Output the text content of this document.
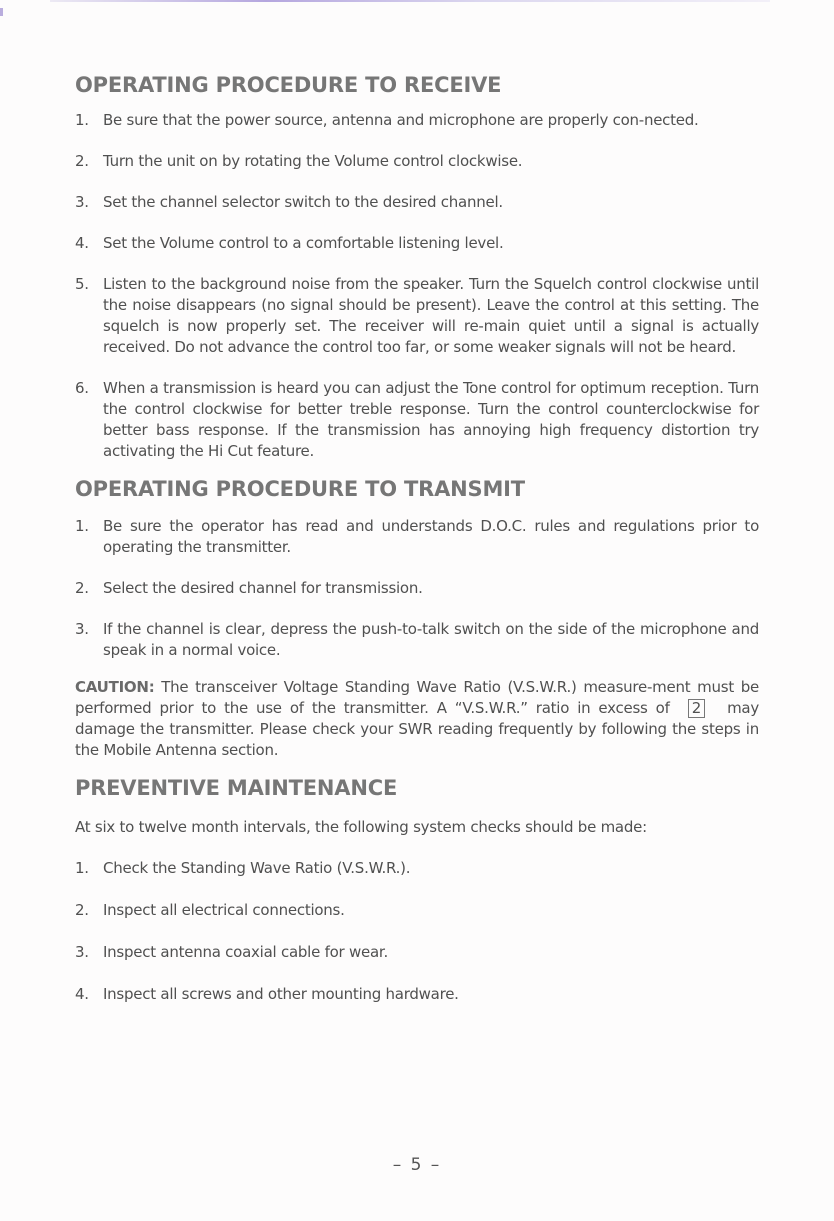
OPERATING PROCEDURE TO RECEIVE
1. Be sure that the power source, antenna and microphone are properly con-nected.
2. Turn the unit on by rotating the Volume control clockwise.
3. Set the channel selector switch to the desired channel.
4. Set the Volume control to a comfortable listening level.
5. Listen to the background noise from the speaker. Turn the Squelch control clockwise until the noise disappears (no signal should be present). Leave the control at this setting. The squelch is now properly set. The receiver will re-main quiet until a signal is actually received. Do not advance the control too far, or some weaker signals will not be heard.
6. When a transmission is heard you can adjust the Tone control for optimum reception. Turn the control clockwise for better treble response. Turn the control counterclockwise for better bass response. If the transmission has annoying high frequency distortion try activating the Hi Cut feature.
OPERATING PROCEDURE TO TRANSMIT
1. Be sure the operator has read and understands D.O.C. rules and regulations prior to operating the transmitter.
2. Select the desired channel for transmission.
3. If the channel is clear, depress the push-to-talk switch on the side of the microphone and speak in a normal voice.

CAUTION: The transceiver Voltage Standing Wave Ratio (V.S.W.R.) measure-ment must be performed prior to the use of the transmitter. A “V.S.W.R.” ratio in excess of 2 may damage the transmitter. Please check your SWR reading frequently by following the steps in the Mobile Antenna section.

PREVENTIVE MAINTENANCE

At six to twelve month intervals, the following system checks should be made:

1. Check the Standing Wave Ratio (V.S.W.R.).
2. Inspect all electrical connections.
3. Inspect antenna coaxial cable for wear.
4. Inspect all screws and other mounting hardware.
– 5 –
